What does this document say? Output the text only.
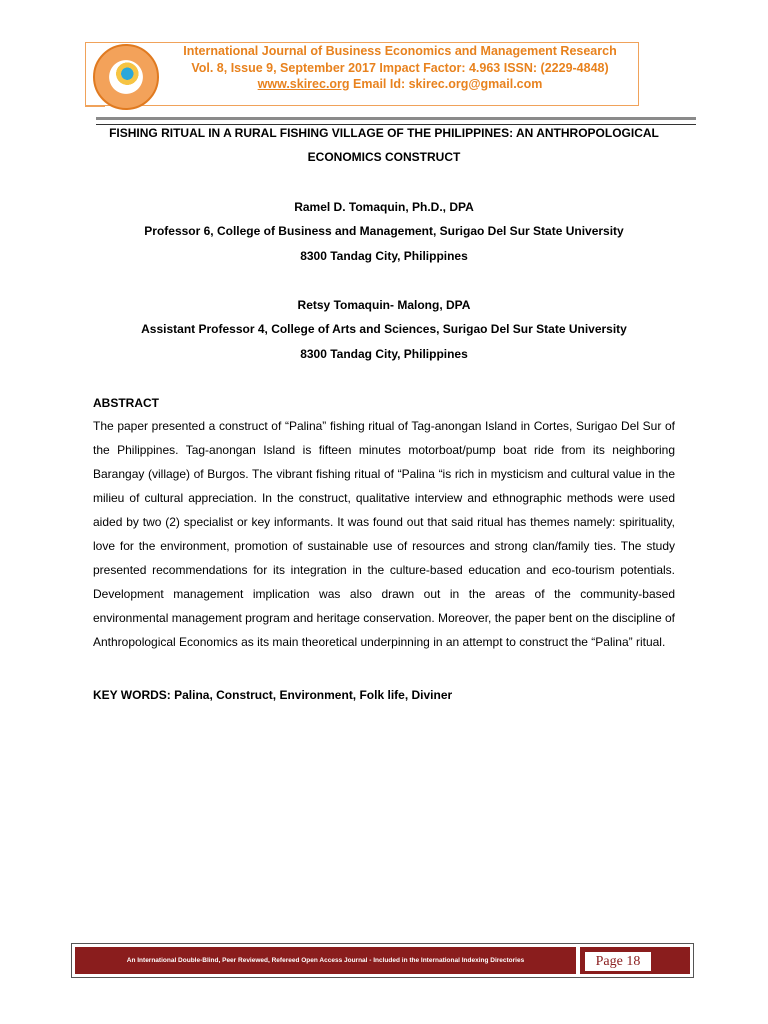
International Journal of Business Economics and Management Research
Vol. 8, Issue 9, September 2017 Impact Factor: 4.963 ISSN: (2229-4848)
www.skirec.org Email Id: skirec.org@gmail.com
FISHING RITUAL IN A RURAL FISHING VILLAGE OF THE PHILIPPINES: AN ANTHROPOLOGICAL
ECONOMICS CONSTRUCT
Ramel D. Tomaquin, Ph.D., DPA
Professor 6, College of Business and Management, Surigao Del Sur State University
8300 Tandag City, Philippines
Retsy Tomaquin- Malong, DPA
Assistant Professor 4, College of Arts and Sciences, Surigao Del Sur State University
8300 Tandag City, Philippines
ABSTRACT

The paper presented a construct of “Palina” fishing ritual of Tag-anongan Island in Cortes, Surigao Del Sur of the Philippines. Tag-anongan Island is fifteen minutes motorboat/pump boat ride from its neighboring Barangay (village) of Burgos. The vibrant fishing ritual of “Palina “is rich in mysticism and cultural value in the milieu of cultural appreciation. In the construct, qualitative interview and ethnographic methods were used aided by two (2) specialist or key informants. It was found out that said ritual has themes namely: spirituality, love for the environment, promotion of sustainable use of resources and strong clan/family ties. The study presented recommendations for its integration in the culture-based education and eco-tourism potentials. Development management implication was also drawn out in the areas of the community-based environmental management program and heritage conservation. Moreover, the paper bent on the discipline of Anthropological Economics as its main theoretical underpinning in an attempt to construct the “Palina” ritual.

KEY WORDS: Palina, Construct, Environment, Folk life, Diviner
An International Double-Blind, Peer Reviewed, Refereed Open Access Journal - Included in the International Indexing Directories	Page 18
